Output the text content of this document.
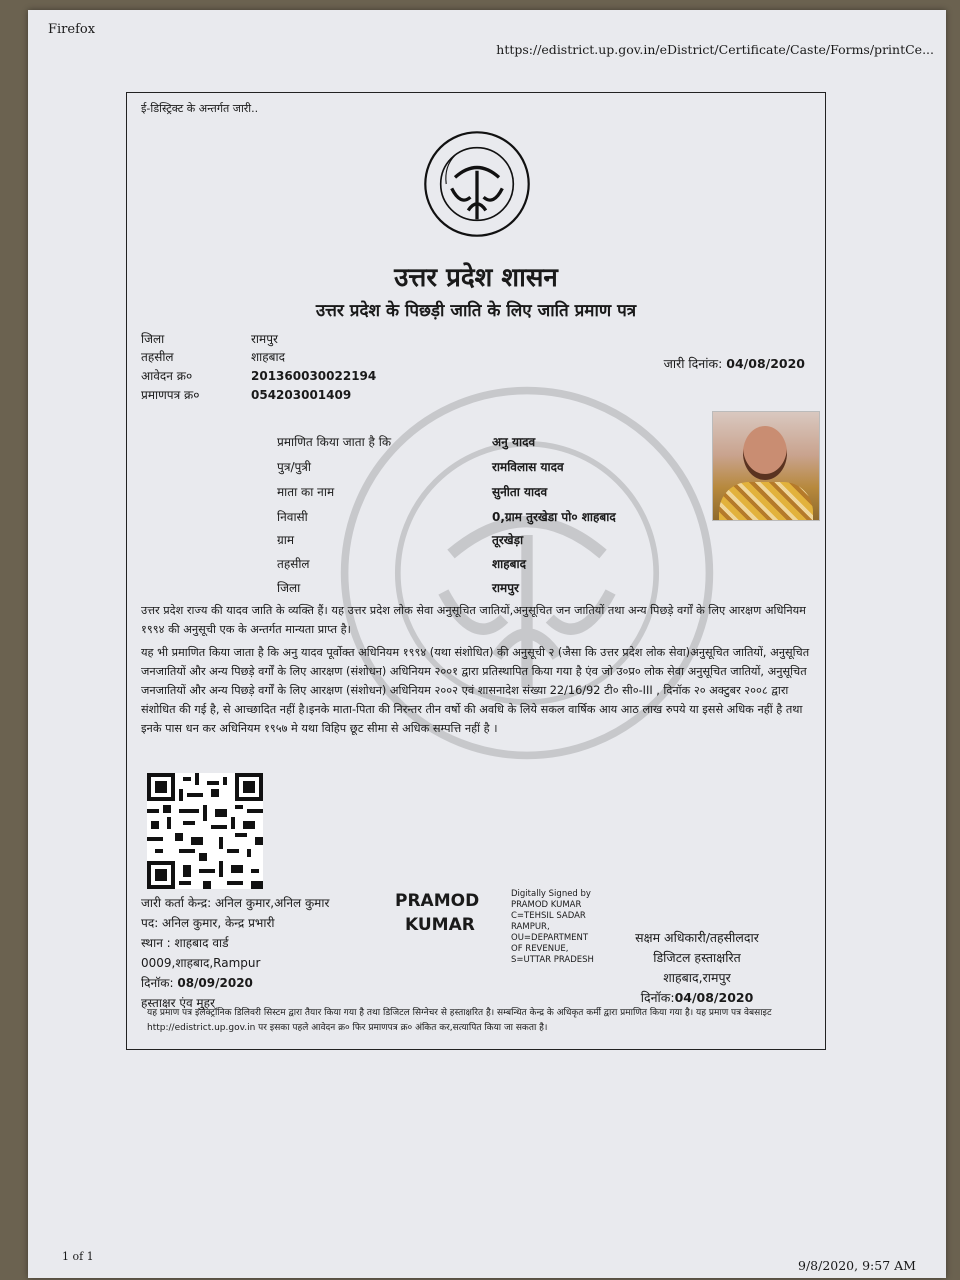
Firefox
https://edistrict.up.gov.in/eDistrict/Certificate/Caste/Forms/printCe...
ई-डिस्ट्रिक्ट के अन्तर्गत जारी..
उत्तर प्रदेश शासन
उत्तर प्रदेश के पिछड़ी जाति के लिए जाति प्रमाण पत्र
जिला	रामपुर
तहसील	शाहबाद
आवेदन क्र०	201360030022194
प्रमाणपत्र क्र०	054203001409
जारी दिनांक: 04/08/2020
प्रमाणित किया जाता है कि	अनु यादव
पुत्र/पुत्री	रामविलास यादव
माता का नाम	सुनीता यादव
निवासी	0,ग्राम तुरखेडा पो० शाहबाद
ग्राम	तूरखेड़ा
तहसील	शाहबाद
जिला	रामपुर
उत्तर प्रदेश राज्य की यादव जाति के व्यक्ति हैं। यह उत्तर प्रदेश लोक सेवा अनुसूचित जातियों,अनुसूचित जन जातियों तथा अन्य पिछड़े वर्गों के लिए आरक्षण अधिनियम १९९४ की अनुसूची एक के अन्तर्गत मान्यता प्राप्त है।
यह भी प्रमाणित किया जाता है कि अनु यादव पूर्वोक्त अधिनियम १९९४ (यथा संशोधित) की अनुसूची २ (जैसा कि उत्तर प्रदेश लोक सेवा)अनुसूचित जातियों, अनुसूचित जनजातियों और अन्य पिछड़े वर्गों के लिए आरक्षण (संशोधन) अधिनियम २००१ द्वारा प्रतिस्थापित किया गया है एंव जो उ०प्र० लोक सेवा अनुसूचित जातियों, अनुसूचित जनजातियों और अन्य पिछड़े वर्गों के लिए आरक्षण (संशोधन) अधिनियम २००२ एवं शासनादेश संख्या 22/16/92 टी० सी०-III , दिनॉक २० अक्टुबर २००८ द्वारा संशोधित की गई है, से आच्छादित नहीं है।इनके माता-पिता की निरन्तर तीन वर्षो की अवधि के लिये सकल वार्षिक आय आठ लाख रुपये या इससे अधिक नहीं है तथा इनके पास धन कर अधिनियम १९५७ मे यथा विहिप छूट सीमा से अधिक सम्पत्ति नहीं है ।
जारी कर्ता केन्द्र: अनिल कुमार,अनिल कुमार
पद: अनिल कुमार, केन्द्र प्रभारी
स्थान : शाहबाद वार्ड
0009,शाहबाद,Rampur
दिनॉक: 08/09/2020
हस्ताक्षर एंव मुहर
PRAMOD
KUMAR
Digitally Signed by
PRAMOD KUMAR
C=TEHSIL SADAR
RAMPUR,
OU=DEPARTMENT
OF REVENUE,
S=UTTAR PRADESH
सक्षम अधिकारी/तहसीलदार
डिजिटल हस्ताक्षरित
शाहबाद,रामपुर
दिनॉक:04/08/2020
यह प्रमाण पत्र इलेक्ट्रॉनिक डिलिवरी सिस्टम द्वारा तैयार किया गया है तथा डिजिटल सिग्नेचर से हस्ताक्षरित है। सम्बन्धित केन्द्र के अधिकृत कर्मी द्वारा प्रमाणित किया गया है। यह प्रमाण पत्र वेबसाइट http://edistrict.up.gov.in पर इसका पहले आवेदन क्र० फिर प्रमाणपत्र क्र० अंकित कर,सत्यापित किया जा सकता है।
1 of 1
9/8/2020, 9:57 AM
